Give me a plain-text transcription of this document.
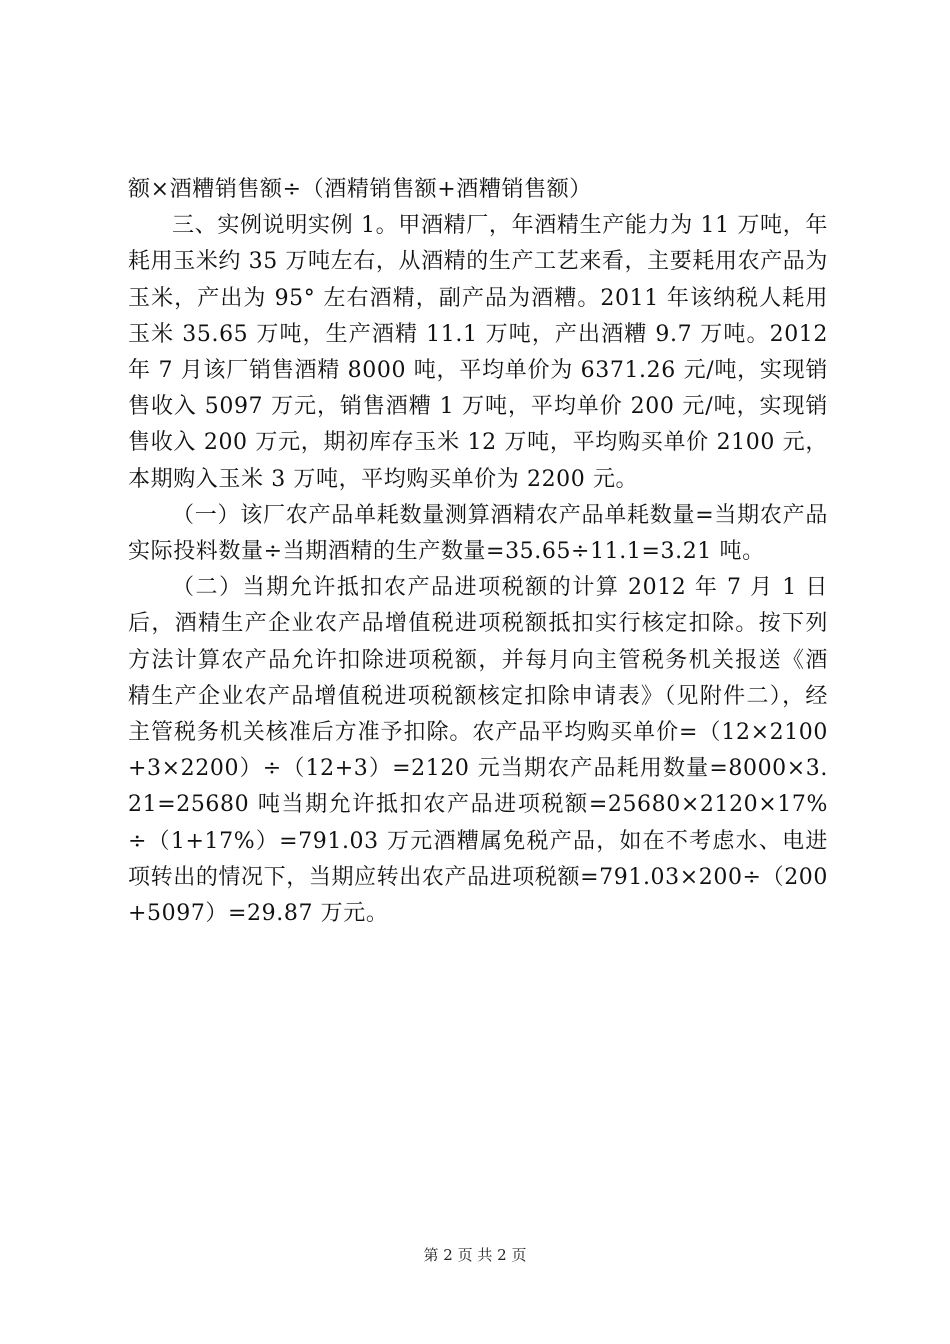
额×酒糟销售额÷（酒精销售额+酒糟销售额）

三、实例说明实例 1。甲酒精厂，年酒精生产能力为 11 万吨，年耗用玉米约 35 万吨左右，从酒精的生产工艺来看，主要耗用农产品为玉米，产出为 95° 左右酒精，副产品为酒糟。2011 年该纳税人耗用玉米 35.65 万吨，生产酒精 11.1 万吨，产出酒糟 9.7 万吨。2012 年 7 月该厂销售酒精 8000 吨，平均单价为 6371.26 元/吨，实现销售收入 5097 万元，销售酒糟 1 万吨，平均单价 200 元/吨，实现销售收入 200 万元，期初库存玉米 12 万吨，平均购买单价 2100 元，本期购入玉米 3 万吨，平均购买单价为 2200 元。

（一）该厂农产品单耗数量测算酒精农产品单耗数量=当期农产品实际投料数量÷当期酒精的生产数量=35.65÷11.1=3.21 吨。

（二）当期允许抵扣农产品进项税额的计算 2012 年 7 月 1 日后，酒精生产企业农产品增值税进项税额抵扣实行核定扣除。按下列方法计算农产品允许扣除进项税额，并每月向主管税务机关报送《酒精生产企业农产品增值税进项税额核定扣除申请表》（见附件二），经主管税务机关核准后方准予扣除。农产品平均购买单价=（12×2100+3×2200）÷（12+3）=2120 元当期农产品耗用数量=8000×3.21=25680 吨当期允许抵扣农产品进项税额=25680×2120×17%÷（1+17%）=791.03 万元酒糟属免税产品，如在不考虑水、电进项转出的情况下，当期应转出农产品进项税额=791.03×200÷（200+5097）=29.87 万元。

第 2 页 共 2 页
